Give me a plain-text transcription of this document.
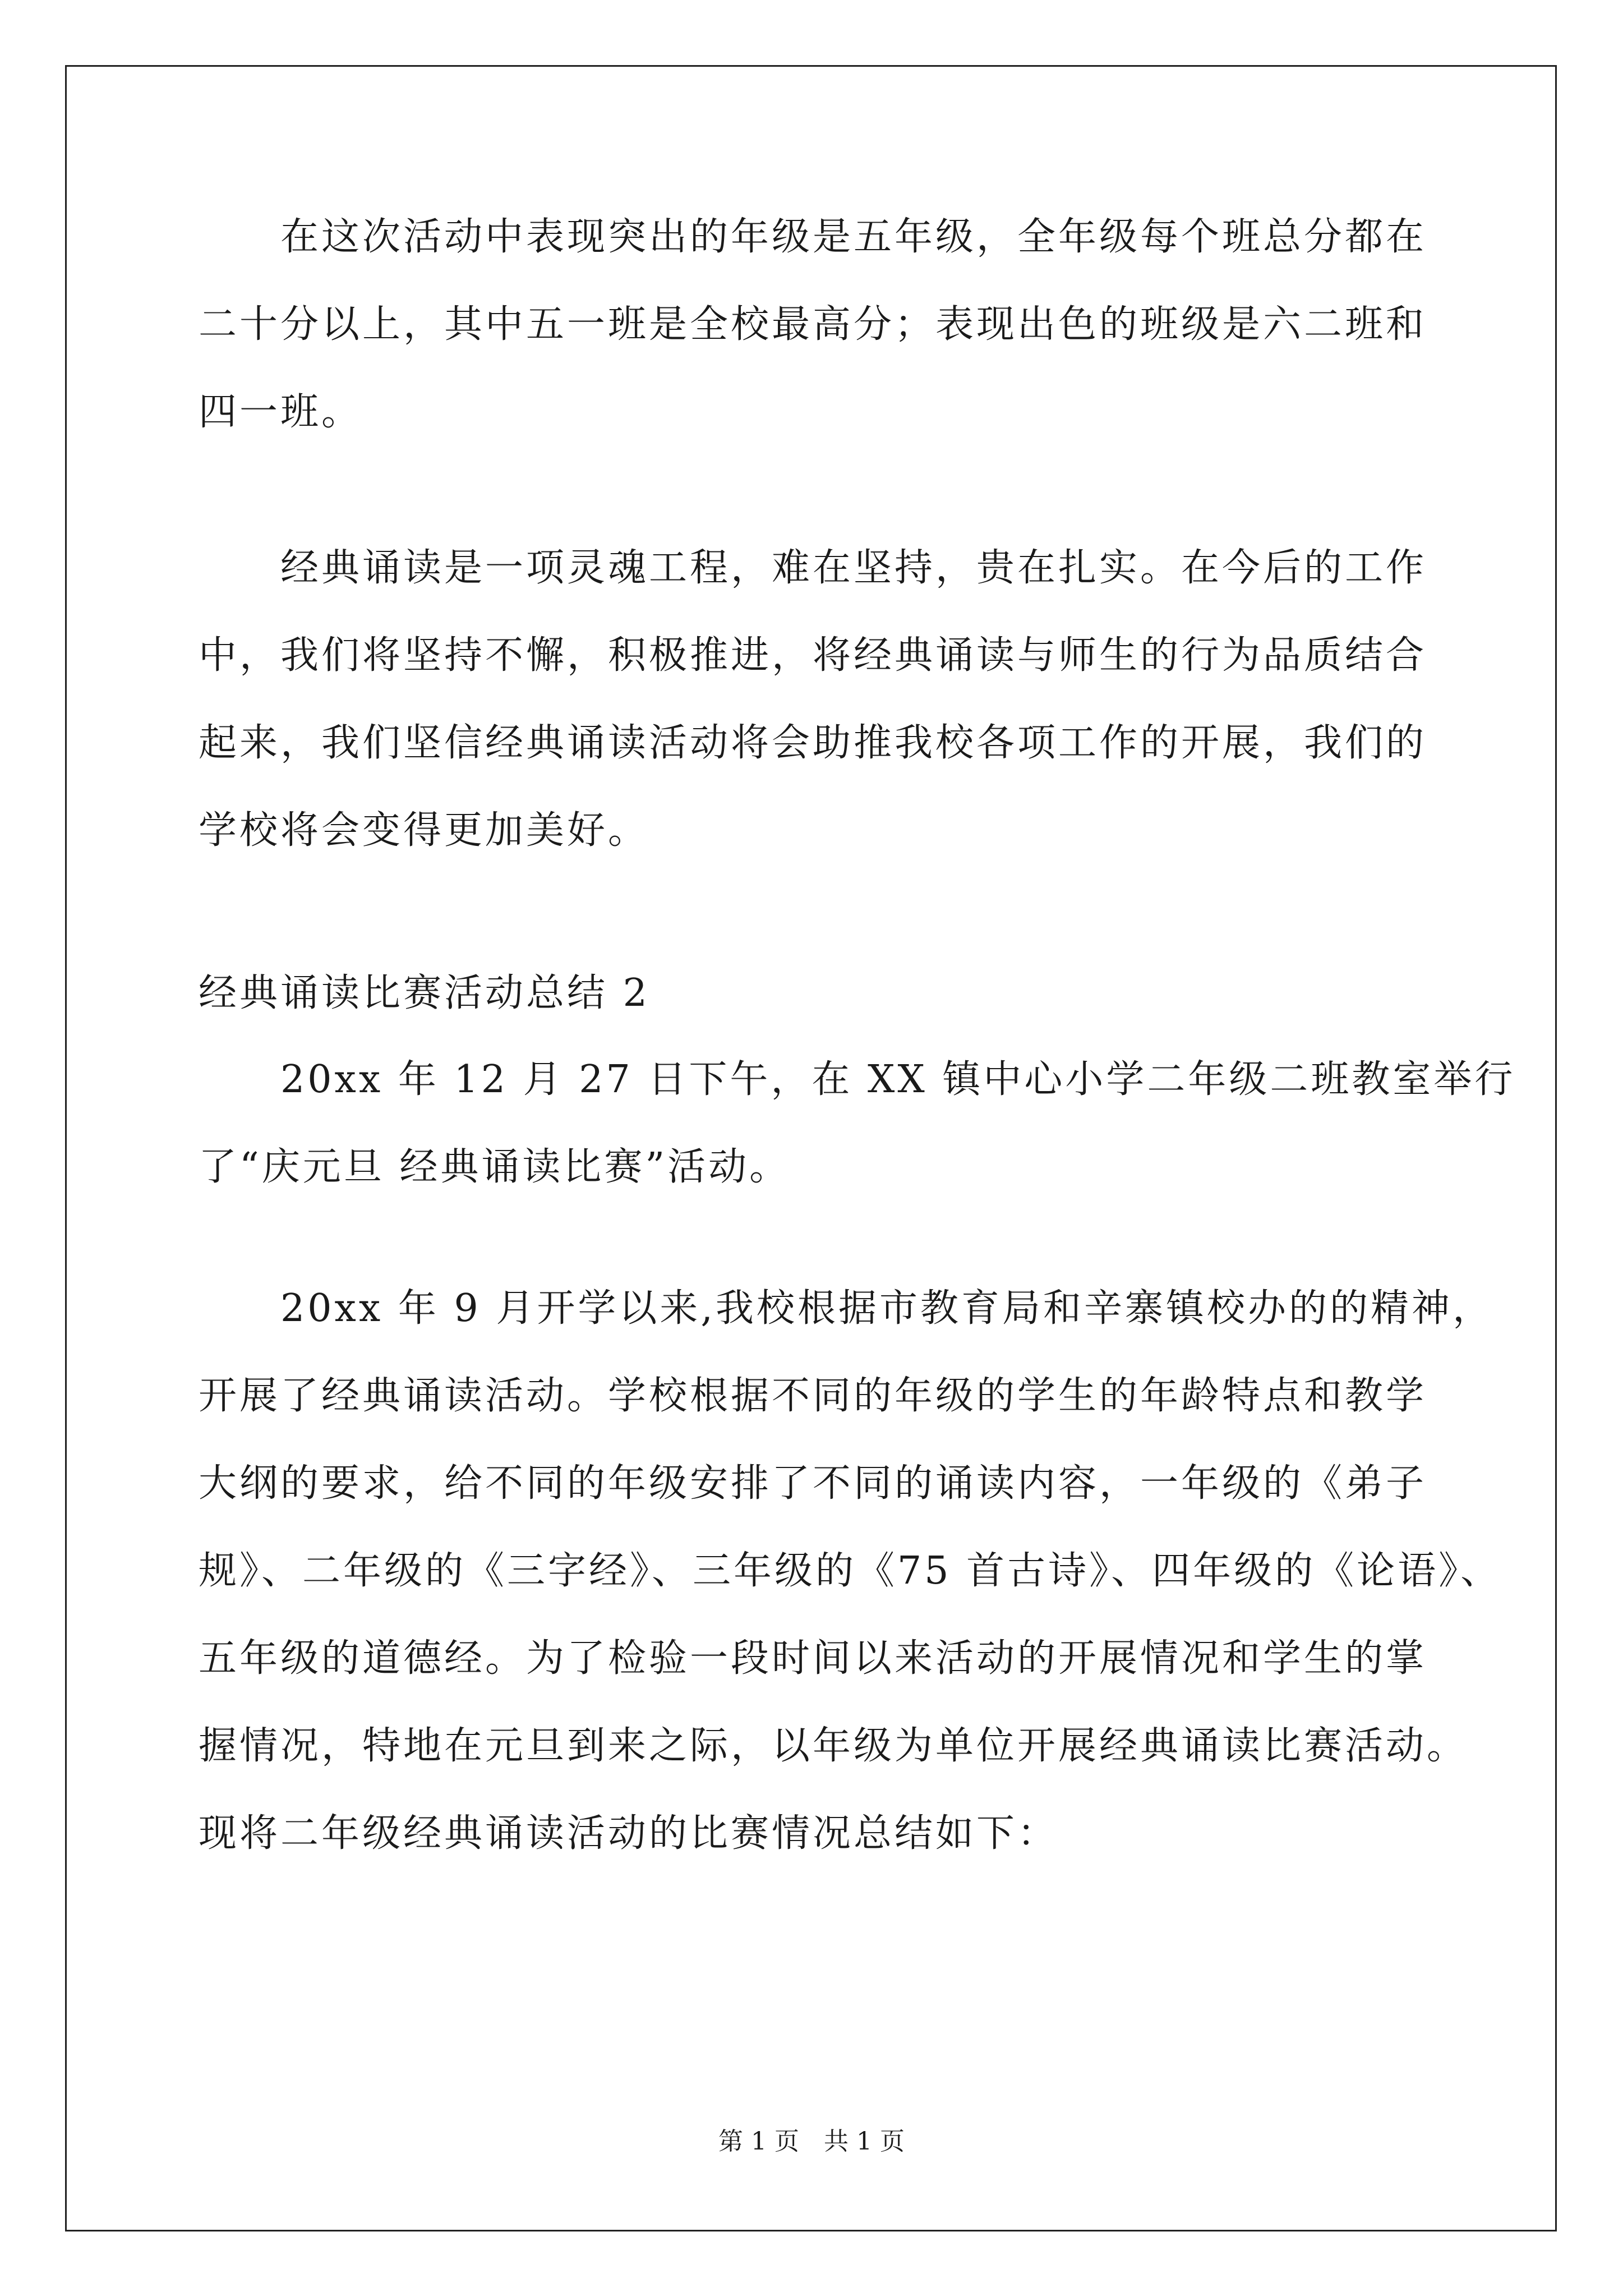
　　在这次活动中表现突出的年级是五年级，全年级每个班总分都在
二十分以上，其中五一班是全校最高分；表现出色的班级是六二班和
四一班。
　　经典诵读是一项灵魂工程，难在坚持，贵在扎实。在今后的工作
中，我们将坚持不懈，积极推进，将经典诵读与师生的行为品质结合
起来，我们坚信经典诵读活动将会助推我校各项工作的开展，我们的
学校将会变得更加美好。
经典诵读比赛活动总结 2
　　20xx 年 12 月 27 日下午，在 XX 镇中心小学二年级二班教室举行
了“庆元旦 经典诵读比赛”活动。
　　20xx 年 9 月开学以来,我校根据市教育局和辛寨镇校办的的精神，
开展了经典诵读活动。学校根据不同的年级的学生的年龄特点和教学
大纲的要求，给不同的年级安排了不同的诵读内容，一年级的《弟子
规》、二年级的《三字经》、三年级的《75 首古诗》、四年级的《论语》、
五年级的道德经。为了检验一段时间以来活动的开展情况和学生的掌
握情况，特地在元旦到来之际，以年级为单位开展经典诵读比赛活动。
现将二年级经典诵读活动的比赛情况总结如下：
第 1 页　共 1 页
